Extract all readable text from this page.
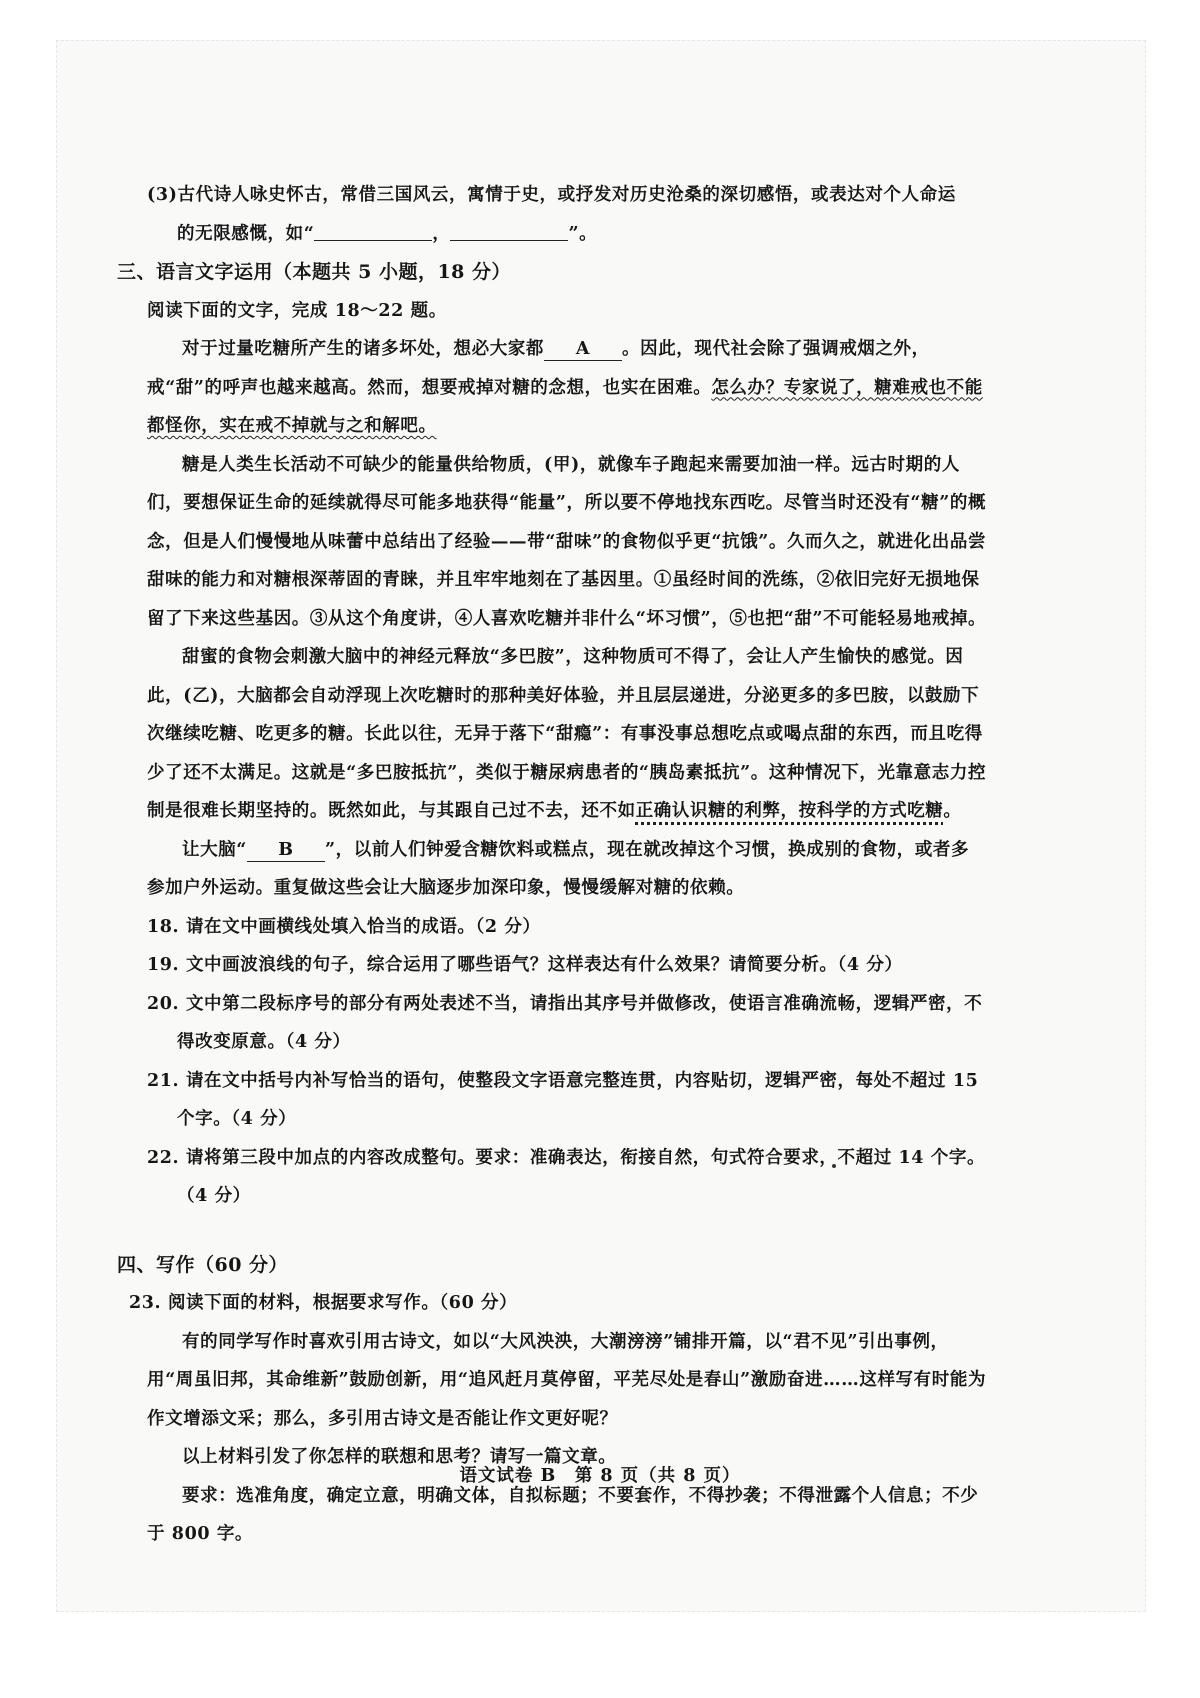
(3)古代诗人咏史怀古，常借三国风云，寓情于史，或抒发对历史沧桑的深切感悟，或表达对个人命运

的无限感慨，如“	，	”。

三、语言文字运用（本题共 5 小题，18 分）

阅读下面的文字，完成 18～22 题。

对于过量吃糖所产生的诸多坏处，想必大家都 A 。因此，现代社会除了强调戒烟之外，戒“甜”的呼声也越来越高。然而，想要戒掉对糖的念想，也实在困难。怎么办？专家说了，糖难戒也不能都怪你，实在戒不掉就与之和解吧。

糖是人类生长活动不可缺少的能量供给物质，(甲)，就像车子跑起来需要加油一样。远古时期的人们，要想保证生命的延续就得尽可能多地获得“能量”，所以要不停地找东西吃。尽管当时还没有“糖”的概念，但是人们慢慢地从味蕾中总结出了经验——带“甜味”的食物似乎更“抗饿”。久而久之，就进化出品尝甜味的能力和对糖根深蒂固的青睐，并且牢牢地刻在了基因里。①虽经时间的洗练，②依旧完好无损地保留了下来这些基因。③从这个角度讲，④人喜欢吃糖并非什么“坏习惯”，⑤也把“甜”不可能轻易地戒掉。

甜蜜的食物会刺激大脑中的神经元释放“多巴胺”，这种物质可不得了，会让人产生愉快的感觉。因此，(乙)，大脑都会自动浮现上次吃糖时的那种美好体验，并且层层递进，分泌更多的多巴胺，以鼓励下次继续吃糖、吃更多的糖。长此以往，无异于落下“甜瘾”：有事没事总想吃点或喝点甜的东西，而且吃得少了还不太满足。这就是“多巴胺抵抗”，类似于糖尿病患者的“胰岛素抵抗”。这种情况下，光靠意志力控制是很难长期坚持的。既然如此，与其跟自己过不去，还不如正确认识糖的利弊，按科学的方式吃糖。

让大脑“ B ”，以前人们钟爱含糖饮料或糕点，现在就改掉这个习惯，换成别的食物，或者多参加户外运动。重复做这些会让大脑逐步加深印象，慢慢缓解对糖的依赖。

18. 请在文中画横线处填入恰当的成语。（2 分）

19. 文中画波浪线的句子，综合运用了哪些语气？这样表达有什么效果？请简要分析。（4 分）

20. 文中第二段标序号的部分有两处表述不当，请指出其序号并做修改，使语言准确流畅，逻辑严密，不得改变原意。（4 分）

21. 请在文中括号内补写恰当的语句，使整段文字语意完整连贯，内容贴切，逻辑严密，每处不超过 15 个字。（4 分）

22. 请将第三段中加点的内容改成整句。要求：准确表达，衔接自然，句式符合要求，不超过 14 个字。（4 分）

四、写作（60 分）

23. 阅读下面的材料，根据要求写作。（60 分）

有的同学写作时喜欢引用古诗文，如以“大风泱泱，大潮滂滂”铺排开篇，以“君不见”引出事例，用“周虽旧邦，其命维新”鼓励创新，用“追风赶月莫停留，平芜尽处是春山”激励奋进……这样写有时能为作文增添文采；那么，多引用古诗文是否能让作文更好呢？

以上材料引发了你怎样的联想和思考？请写一篇文章。

要求：选准角度，确定立意，明确文体，自拟标题；不要套作，不得抄袭；不得泄露个人信息；不少于 800 字。

语文试卷 B　第 8 页（共 8 页）
